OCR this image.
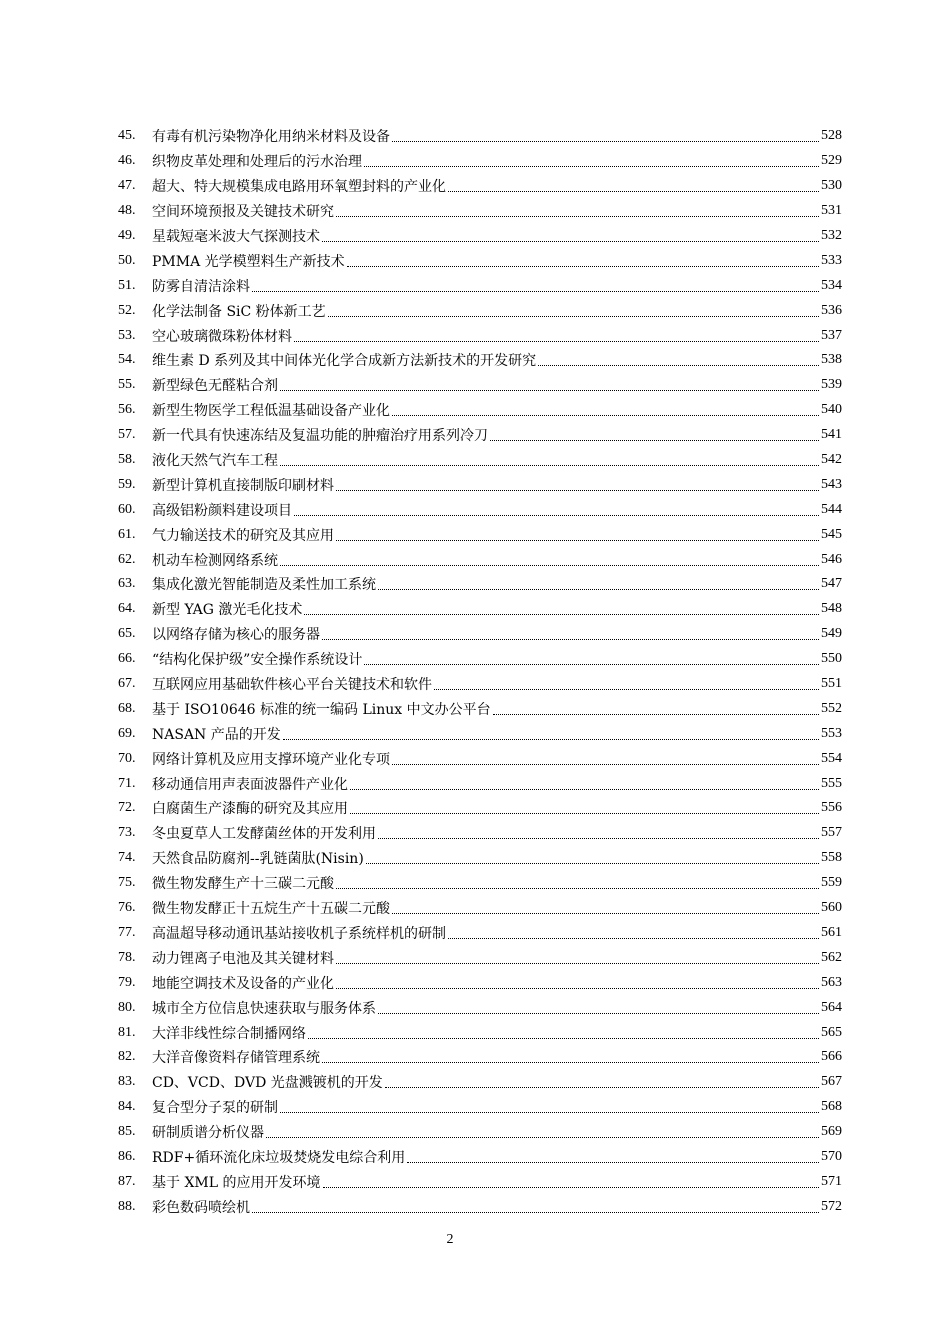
45.	有毒有机污染物净化用纳米材料及设备	528
46.	织物皮革处理和处理后的污水治理	529
47.	超大、特大规模集成电路用环氧塑封料的产业化	530
48.	空间环境预报及关键技术研究	531
49.	星载短毫米波大气探测技术	532
50.	PMMA 光学模塑料生产新技术	533
51.	防雾自清洁涂料	534
52.	化学法制备 SiC 粉体新工艺	536
53.	空心玻璃微珠粉体材料	537
54.	维生素 D 系列及其中间体光化学合成新方法新技术的开发研究	538
55.	新型绿色无醛粘合剂	539
56.	新型生物医学工程低温基础设备产业化	540
57.	新一代具有快速冻结及复温功能的肿瘤治疗用系列冷刀	541
58.	液化天然气汽车工程	542
59.	新型计算机直接制版印刷材料	543
60.	高级铝粉颜料建设项目	544
61.	气力输送技术的研究及其应用	545
62.	机动车检测网络系统	546
63.	集成化激光智能制造及柔性加工系统	547
64.	新型 YAG 激光毛化技术	548
65.	以网络存储为核心的服务器	549
66.	“结构化保护级”安全操作系统设计	550
67.	互联网应用基础软件核心平台关键技术和软件	551
68.	基于 ISO10646 标准的统一编码 Linux 中文办公平台	552
69.	NASAN 产品的开发	553
70.	网络计算机及应用支撑环境产业化专项	554
71.	移动通信用声表面波器件产业化	555
72.	白腐菌生产漆酶的研究及其应用	556
73.	冬虫夏草人工发酵菌丝体的开发利用	557
74.	天然食品防腐剂--乳链菌肽(Nisin)	558
75.	微生物发酵生产十三碳二元酸	559
76.	微生物发酵正十五烷生产十五碳二元酸	560
77.	高温超导移动通讯基站接收机子系统样机的研制	561
78.	动力锂离子电池及其关键材料	562
79.	地能空调技术及设备的产业化	563
80.	城市全方位信息快速获取与服务体系	564
81.	大洋非线性综合制播网络	565
82.	大洋音像资料存储管理系统	566
83.	CD、VCD、DVD 光盘溅镀机的开发	567
84.	复合型分子泵的研制	568
85.	研制质谱分析仪器	569
86.	RDF+循环流化床垃圾焚烧发电综合利用	570
87.	基于 XML 的应用开发环境	571
88.	彩色数码喷绘机	572
2
